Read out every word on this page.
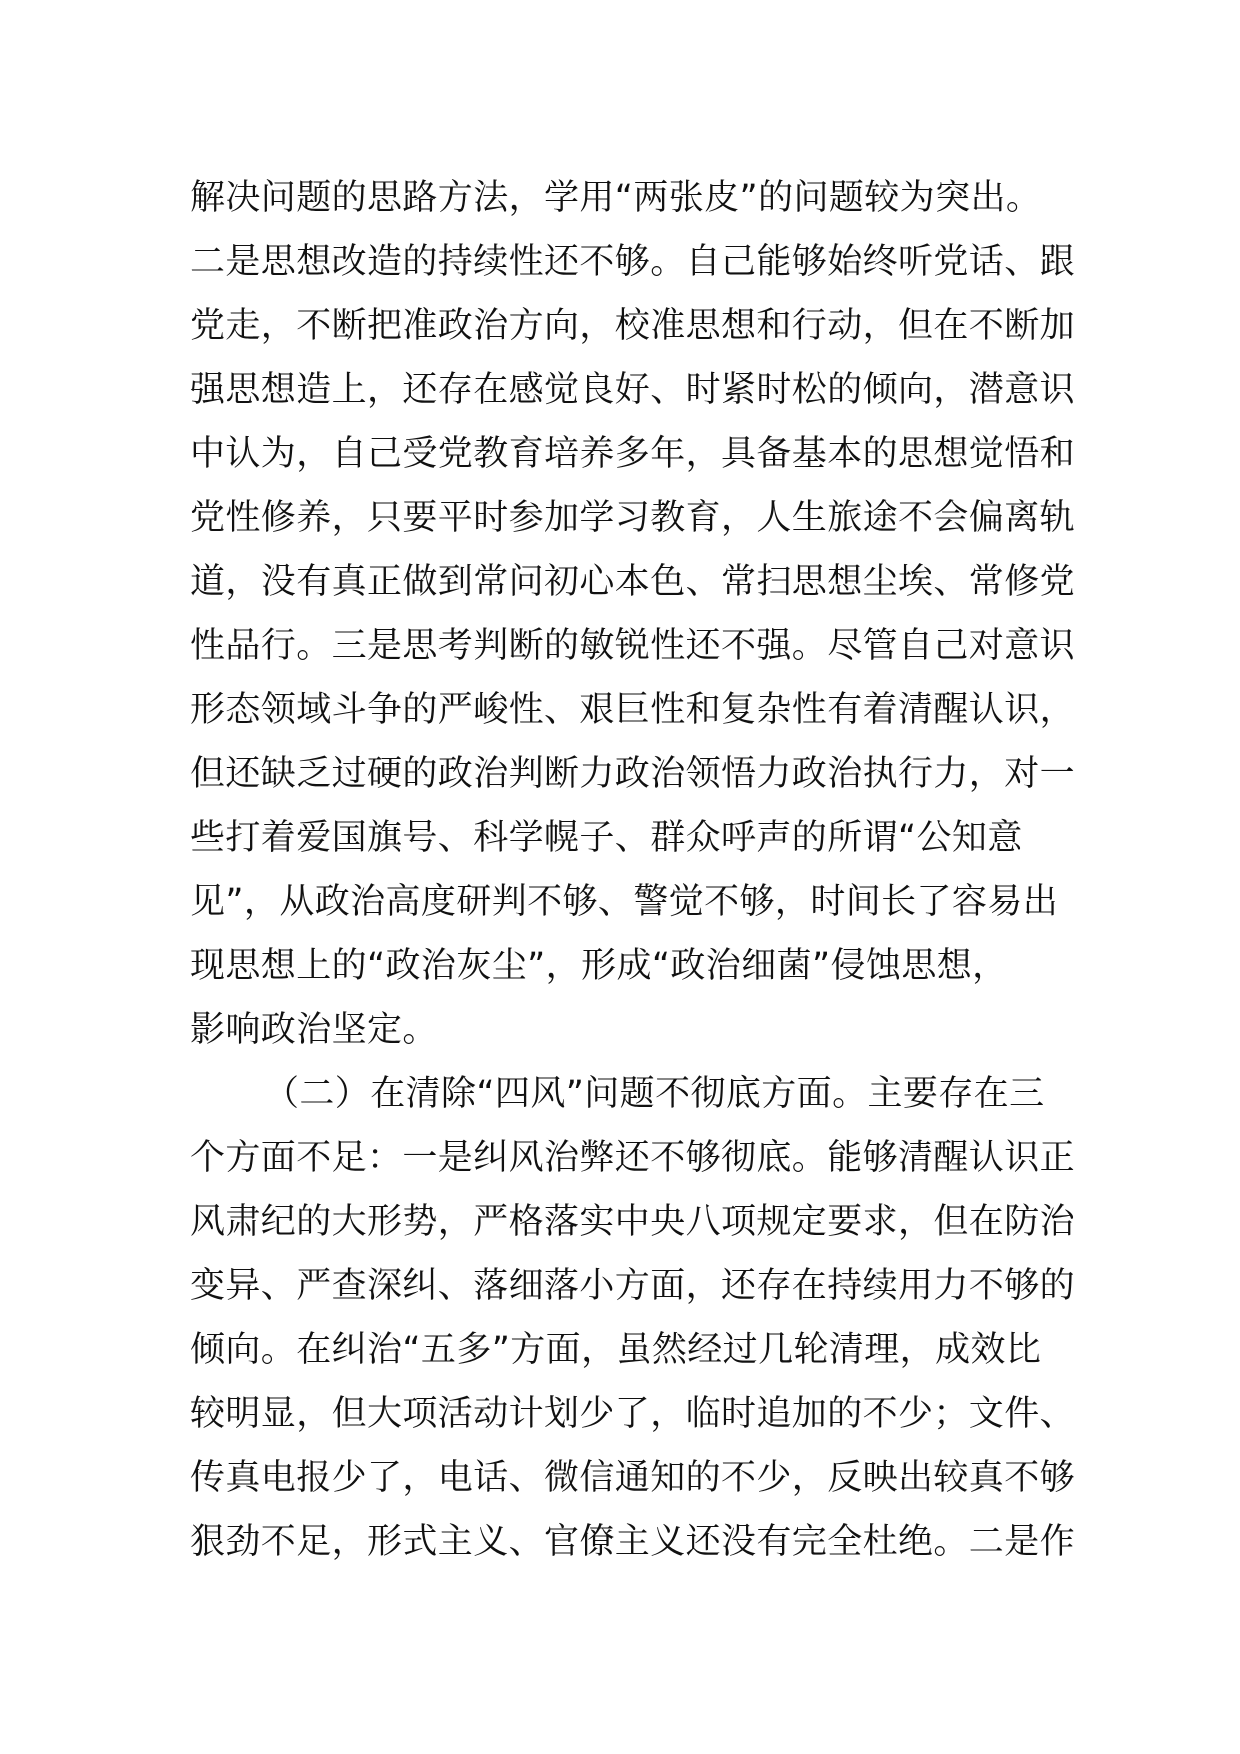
解决问题的思路方法，学用“两张皮”的问题较为突出。
二是思想改造的持续性还不够。自己能够始终听党话、跟
党走，不断把准政治方向，校准思想和行动，但在不断加
强思想造上，还存在感觉良好、时紧时松的倾向，潜意识
中认为，自己受党教育培养多年，具备基本的思想觉悟和
党性修养，只要平时参加学习教育，人生旅途不会偏离轨
道，没有真正做到常问初心本色、常扫思想尘埃、常修党
性品行。三是思考判断的敏锐性还不强。尽管自己对意识
形态领域斗争的严峻性、艰巨性和复杂性有着清醒认识，
但还缺乏过硬的政治判断力政治领悟力政治执行力，对一
些打着爱国旗号、科学幌子、群众呼声的所谓“公知意
见”，从政治高度研判不够、警觉不够，时间长了容易出
现思想上的“政治灰尘”，形成“政治细菌”侵蚀思想，
影响政治坚定。
（二）在清除“四风”问题不彻底方面。主要存在三
个方面不足：一是纠风治弊还不够彻底。能够清醒认识正
风肃纪的大形势，严格落实中央八项规定要求，但在防治
变异、严查深纠、落细落小方面，还存在持续用力不够的
倾向。在纠治“五多”方面，虽然经过几轮清理，成效比
较明显，但大项活动计划少了，临时追加的不少；文件、
传真电报少了，电话、微信通知的不少，反映出较真不够
狠劲不足，形式主义、官僚主义还没有完全杜绝。二是作
